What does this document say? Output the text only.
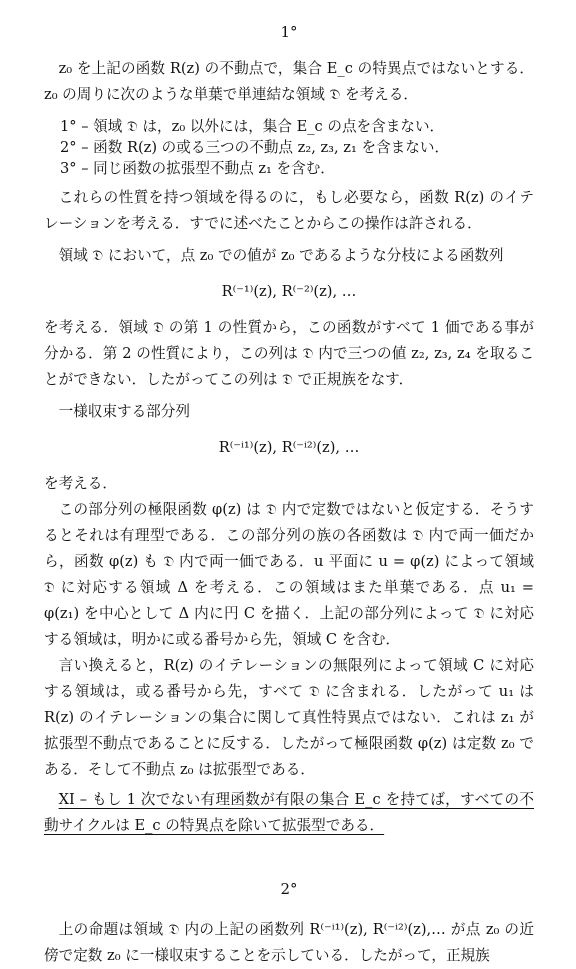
1°

z₀ を上記の函数 R(z) の不動点で，集合 E_c の特異点ではないとする．z₀ の周りに次のような単葉で単連結な領域 𝔇 を考える．

1° – 領域 𝔇 は，z₀ 以外には，集合 E_c の点を含まない．
2° – 函数 R(z) の或る三つの不動点 z₂, z₃, z₁ を含まない．
3° – 同じ函数の拡張型不動点 z₁ を含む．

これらの性質を持つ領域を得るのに，もし必要なら，函数 R(z) のイテレーションを考える．すでに述べたことからこの操作は許される．

領域 𝔇 において，点 z₀ での値が z₀ であるような分枝による函数列

R⁽⁻¹⁾(z), R⁽⁻²⁾(z), …

を考える．領域 𝔇 の第 1 の性質から，この函数がすべて 1 価である事が分かる．第 2 の性質により，この列は 𝔇 内で三つの値 z₂, z₃, z₄ を取ることができない．したがってこの列は 𝔇 で正規族をなす．

一様収束する部分列

R⁽⁻ⁱ¹⁾(z), R⁽⁻ⁱ²⁾(z), …

を考える．

この部分列の極限函数 φ(z) は 𝔇 内で定数ではないと仮定する．そうするとそれは有理型である．この部分列の族の各函数は 𝔇 内で両一価だから，函数 φ(z) も 𝔇 内で両一価である．u 平面に u = φ(z) によって領域 𝔇 に対応する領域 Δ を考える．この領域はまた単葉である．点 u₁ = φ(z₁) を中心として Δ 内に円 C を描く．上記の部分列によって 𝔇 に対応する領域は，明かに或る番号から先，領域 C を含む．

言い換えると，R(z) のイテレーションの無限列によって領域 C に対応する領域は，或る番号から先，すべて 𝔇 に含まれる．したがって u₁ は R(z) のイテレーションの集合に関して真性特異点ではない．これは z₁ が拡張型不動点であることに反する．したがって極限函数 φ(z) は定数 z₀ である．そして不動点 z₀ は拡張型である．

XI – もし 1 次でない有理函数が有限の集合 E_c を持てば，すべての不動サイクルは E_c の特異点を除いて拡張型である．

2°

上の命題は領域 𝔇 内の上記の函数列 R⁽⁻ⁱ¹⁾(z), R⁽⁻ⁱ²⁾(z),… が点 z₀ の近傍で定数 z₀ に一様収束することを示している．したがって，正規族
